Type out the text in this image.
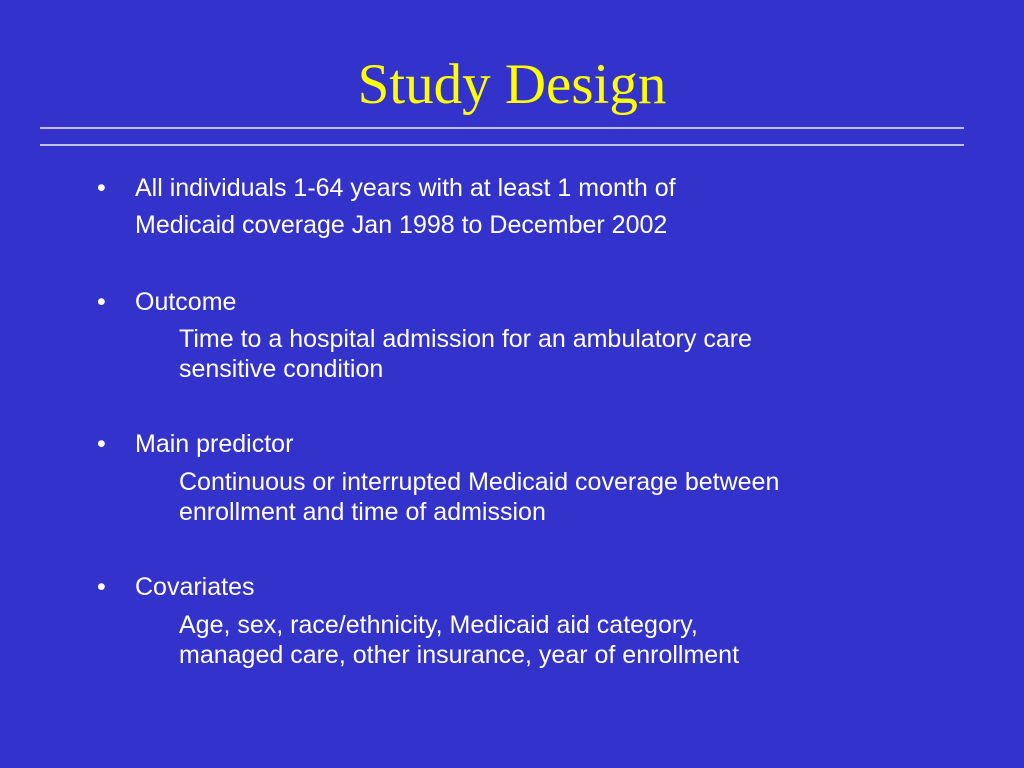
Study Design
• All individuals 1-64 years with at least 1 month of
Medicaid coverage Jan 1998 to December 2002
• Outcome
Time to a hospital admission for an ambulatory care
sensitive condition
• Main predictor
Continuous or interrupted Medicaid coverage between
enrollment and time of admission
• Covariates
Age, sex, race/ethnicity, Medicaid aid category,
managed care, other insurance, year of enrollment
